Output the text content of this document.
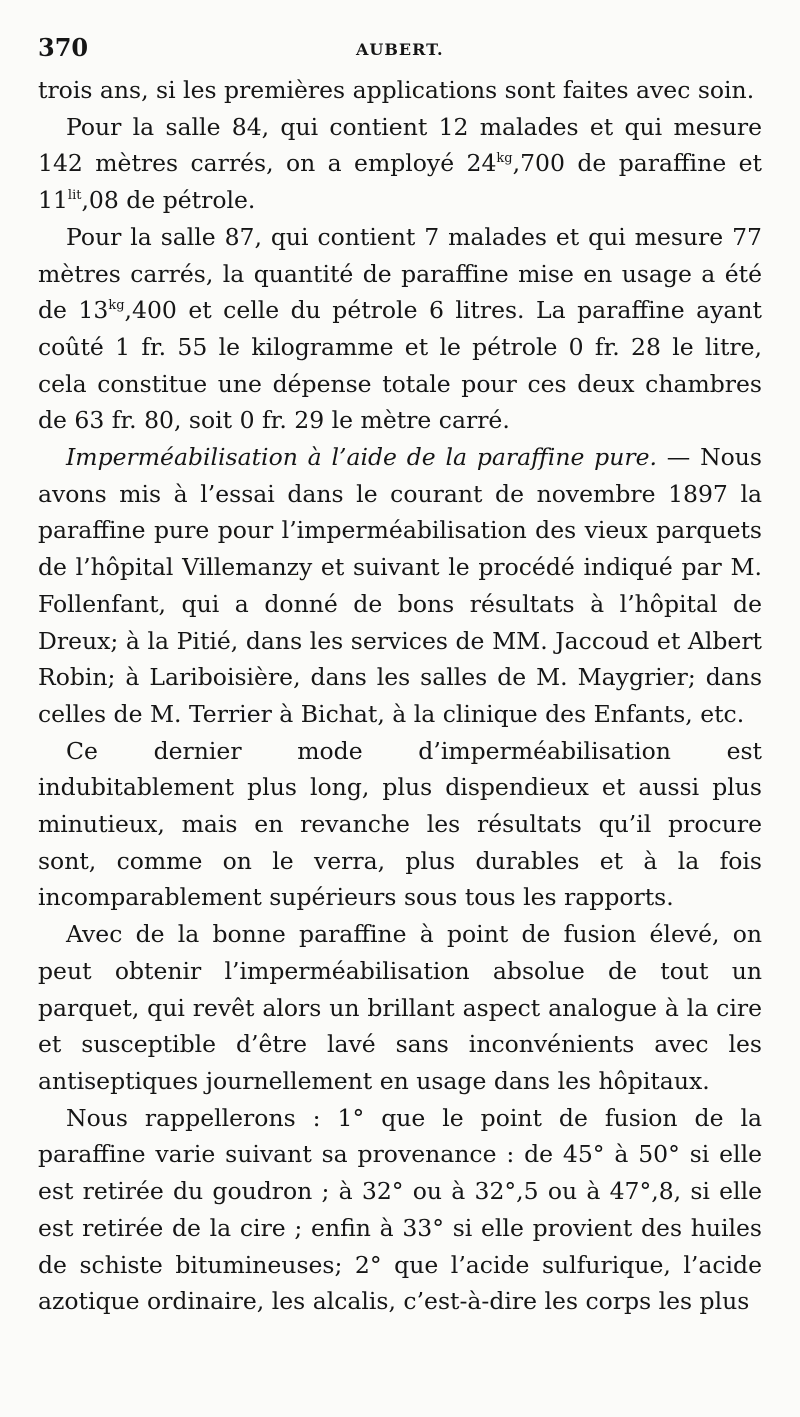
370	AUBERT.

trois ans, si les premières applications sont faites avec soin.

Pour la salle 84, qui contient 12 malades et qui mesure 142 mètres carrés, on a employé $24^{kg},700$ de paraffine et $11^{lit},08$ de pétrole.

Pour la salle 87, qui contient 7 malades et qui mesure 77 mètres carrés, la quantité de paraffine mise en usage a été de $13^{kg},400$ et celle du pétrole 6 litres. La paraffine ayant coûté 1 fr. 55 le kilogramme et le pétrole 0 fr. 28 le litre, cela constitue une dépense totale pour ces deux chambres de 63 fr. 80, soit 0 fr. 29 le mètre carré.

Imperméabilisation à l’aide de la paraffine pure. — Nous avons mis à l’essai dans le courant de novembre 1897 la paraffine pure pour l’imperméabilisation des vieux parquets de l’hôpital Villemanzy et suivant le procédé indiqué par M. Follenfant, qui a donné de bons résultats à l’hôpital de Dreux; à la Pitié, dans les services de MM. Jaccoud et Albert Robin; à Lariboisière, dans les salles de M. Maygrier; dans celles de M. Terrier à Bichat, à la clinique des Enfants, etc.

Ce dernier mode d’imperméabilisation est indubitablement plus long, plus dispendieux et aussi plus minutieux, mais en revanche les résultats qu’il procure sont, comme on le verra, plus durables et à la fois incomparablement supérieurs sous tous les rapports.

Avec de la bonne paraffine à point de fusion élevé, on peut obtenir l’imperméabilisation absolue de tout un parquet, qui revêt alors un brillant aspect analogue à la cire et susceptible d’être lavé sans inconvénients avec les antiseptiques journellement en usage dans les hôpitaux.

Nous rappellerons : 1° que le point de fusion de la paraffine varie suivant sa provenance : de 45° à 50° si elle est retirée du goudron ; à 32° ou à 32°,5 ou à 47°,8, si elle est retirée de la cire ; enfin à 33° si elle provient des huiles de schiste bitumineuses; 2° que l’acide sulfurique, l’acide azotique ordinaire, les alcalis, c’est-à-dire les corps les plus
